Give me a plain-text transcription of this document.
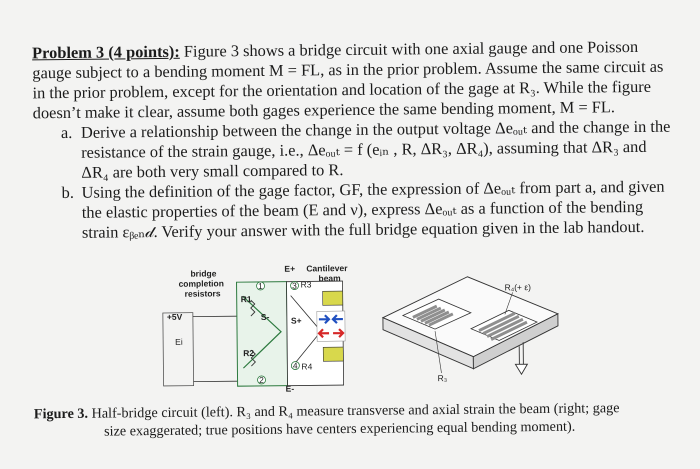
Problem 3 (4 points): Figure 3 shows a bridge circuit with one axial gauge and one Poisson
gauge subject to a bending moment M = FL, as in the prior problem. Assume the same circuit as
in the prior problem, except for the orientation and location of the gage at R₃. While the figure
doesn’t make it clear, assume both gages experience the same bending moment, M = FL.
a. Derive a relationship between the change in the output voltage Δeₒᵤₜ and the change in the
resistance of the strain gauge, i.e., Δeₒᵤₜ = f (eᵢₙ , R, ΔR₃, ΔR₄), assuming that ΔR₃ and
ΔR₄ are both very small compared to R.
b. Using the definition of the gage factor, GF, the expression of Δeₒᵤₜ from part a, and given
the elastic properties of the beam (E and ν), express Δeₒᵤₜ as a function of the bending
strain εᵦₑₙ𝒹. Verify your answer with the full bridge equation given in the lab handout.
bridge
completion
resistors
+5V
Ei
1
2
R1
R2
S-
3
4
E+
E-
S+
R3
R4
Cantilever
beam
R₄(+ ε)
R₃
Figure 3. Half-bridge circuit (left). R₃ and R₄ measure transverse and axial strain the beam (right; gage
size exaggerated; true positions have centers experiencing equal bending moment).
